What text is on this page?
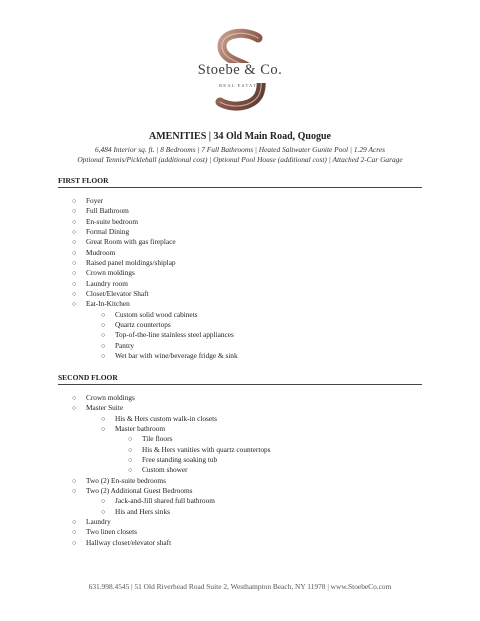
Stoebe & Co.
REAL ESTATE
AMENITIES | 34 Old Main Road, Quogue
6,484 Interior sq. ft. | 8 Bedrooms | 7 Full Bathrooms | Heated Saltwater Gunite Pool | 1.29 Acres
Optional Tennis/Pickleball (additional cost) | Optional Pool House (additional cost) | Attached 2-Car Garage
FIRST FLOOR
○ Foyer
○ Full Bathroom
○ En-suite bedroom
○ Formal Dining
○ Great Room with gas fireplace
○ Mudroom
○ Raised panel moldings/shiplap
○ Crown moldings
○ Laundry room
○ Closet/Elevator Shaft
○ Eat-In-Kitchen
○ Custom solid wood cabinets
○ Quartz countertops
○ Top-of-the-line stainless steel appliances
○ Pantry
○ Wet bar with wine/beverage fridge & sink
SECOND FLOOR
○ Crown moldings
○ Master Suite
○ His & Hers custom walk-in closets
○ Master bathroom
○ Tile floors
○ His & Hers vanities with quartz countertops
○ Free standing soaking tub
○ Custom shower
○ Two (2) En-suite bedrooms
○ Two (2) Additional Guest Bedrooms
○ Jack-and-Jill shared full bathroom
○ His and Hers sinks
○ Laundry
○ Two linen closets
○ Hallway closet/elevator shaft
631.998.4545 | 51 Old Riverhead Road Suite 2, Westhampton Beach, NY 11978 | www.StoebeCo.com
